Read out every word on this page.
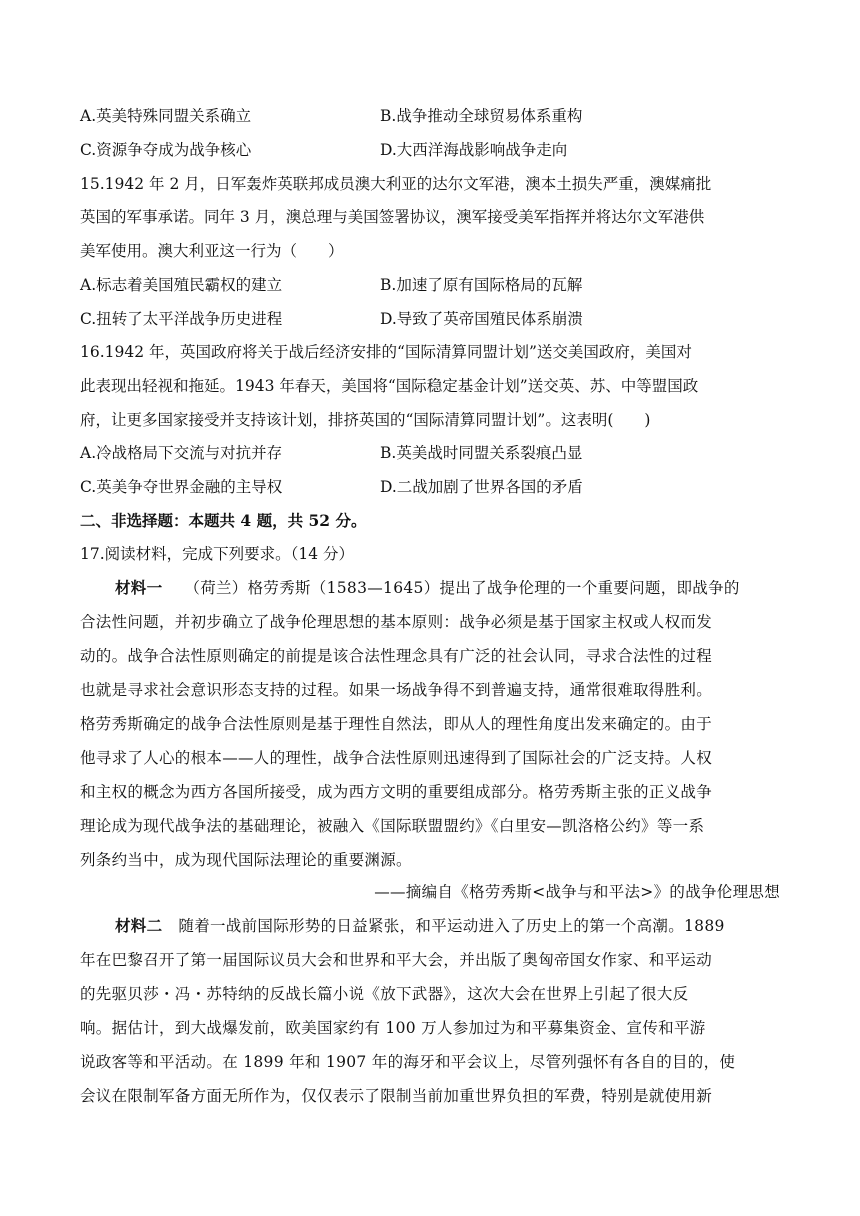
A.英美特殊同盟关系确立	B.战争推动全球贸易体系重构
C.资源争夺成为战争核心	D.大西洋海战影响战争走向
15.1942 年 2 月，日军轰炸英联邦成员澳大利亚的达尔文军港，澳本土损失严重，澳媒痛批
英国的军事承诺。同年 3 月，澳总理与美国签署协议，澳军接受美军指挥并将达尔文军港供
美军使用。澳大利亚这一行为（　　）
A.标志着美国殖民霸权的建立	B.加速了原有国际格局的瓦解
C.扭转了太平洋战争历史进程	D.导致了英帝国殖民体系崩溃
16.1942 年，英国政府将关于战后经济安排的“国际清算同盟计划”送交美国政府，美国对
此表现出轻视和拖延。1943 年春天，美国将“国际稳定基金计划”送交英、苏、中等盟国政
府，让更多国家接受并支持该计划，排挤英国的“国际清算同盟计划”。这表明(　　)
A.冷战格局下交流与对抗并存	B.英美战时同盟关系裂痕凸显
C.英美争夺世界金融的主导权	D.二战加剧了世界各国的矛盾
二、非选择题：本题共 4 题，共 52 分。
17.阅读材料，完成下列要求。（14 分）
材料一 （荷兰）格劳秀斯（1583—1645）提出了战争伦理的一个重要问题，即战争的
合法性问题，并初步确立了战争伦理思想的基本原则：战争必须是基于国家主权或人权而发
动的。战争合法性原则确定的前提是该合法性理念具有广泛的社会认同，寻求合法性的过程
也就是寻求社会意识形态支持的过程。如果一场战争得不到普遍支持，通常很难取得胜利。
格劳秀斯确定的战争合法性原则是基于理性自然法，即从人的理性角度出发来确定的。由于
他寻求了人心的根本——人的理性，战争合法性原则迅速得到了国际社会的广泛支持。人权
和主权的概念为西方各国所接受，成为西方文明的重要组成部分。格劳秀斯主张的正义战争
理论成为现代战争法的基础理论，被融入《国际联盟盟约》《白里安—凯洛格公约》等一系
列条约当中，成为现代国际法理论的重要渊源。
——摘编自《格劳秀斯<战争与和平法>》的战争伦理思想
材料二 随着一战前国际形势的日益紧张，和平运动进入了历史上的第一个高潮。1889
年在巴黎召开了第一届国际议员大会和世界和平大会，并出版了奥匈帝国女作家、和平运动
的先驱贝莎・冯・苏特纳的反战长篇小说《放下武器》，这次大会在世界上引起了很大反
响。据估计，到大战爆发前，欧美国家约有 100 万人参加过为和平募集资金、宣传和平游
说政客等和平活动。在 1899 年和 1907 年的海牙和平会议上，尽管列强怀有各自的目的，使
会议在限制军备方面无所作为，仅仅表示了限制当前加重世界负担的军费，特别是就使用新
